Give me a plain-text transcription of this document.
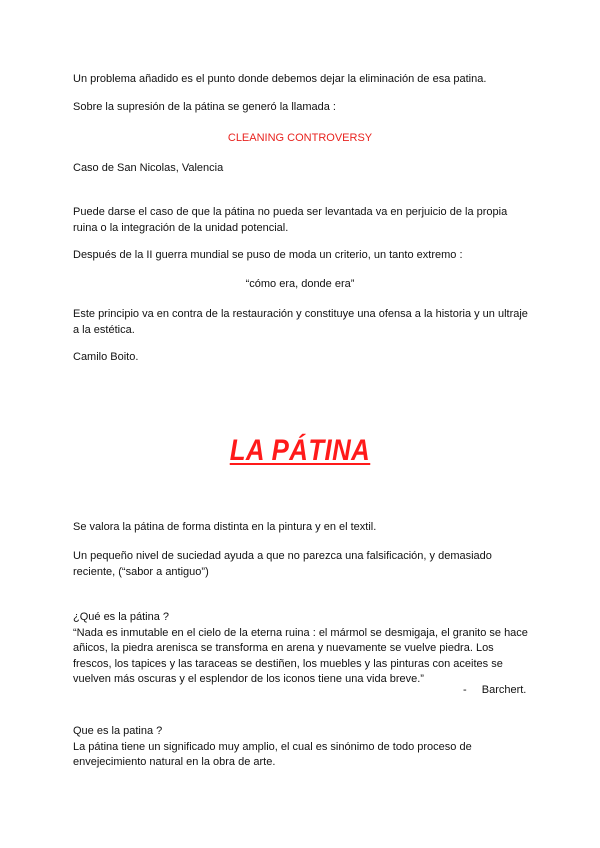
Un problema añadido es el punto donde debemos dejar la eliminación de esa patina.

Sobre la supresión de la pátina se generó la llamada :

CLEANING CONTROVERSY

Caso de San Nicolas, Valencia

Puede darse el caso de que la pátina no pueda ser levantada va en perjuicio de la propia ruina o la integración de la unidad potencial.

Después de la II guerra mundial se puso de moda un criterio, un tanto extremo :

“cómo era, donde era”

Este principio va en contra de la restauración y constituye una ofensa a la historia y un ultraje a la estética.

Camilo Boito.

LA PÁTINA

Se valora la pátina de forma distinta en la pintura y en el textil.

Un pequeño nivel de suciedad ayuda a que no parezca una falsificación, y demasiado reciente, (“sabor a antiguo”)

¿Qué es la pátina ?

“Nada es inmutable en el cielo de la eterna ruina : el mármol se desmigaja, el granito se hace añicos, la piedra arenisca se transforma en arena y nuevamente se vuelve piedra. Los frescos, los tapices y las taraceas se destiñen, los muebles y las pinturas con aceites se vuelven más oscuras y el esplendor de los iconos tiene una vida breve.”

- Barchert.

Que es la patina ?

La pátina tiene un significado muy amplio, el cual es sinónimo de todo proceso de envejecimiento natural en la obra de arte.
